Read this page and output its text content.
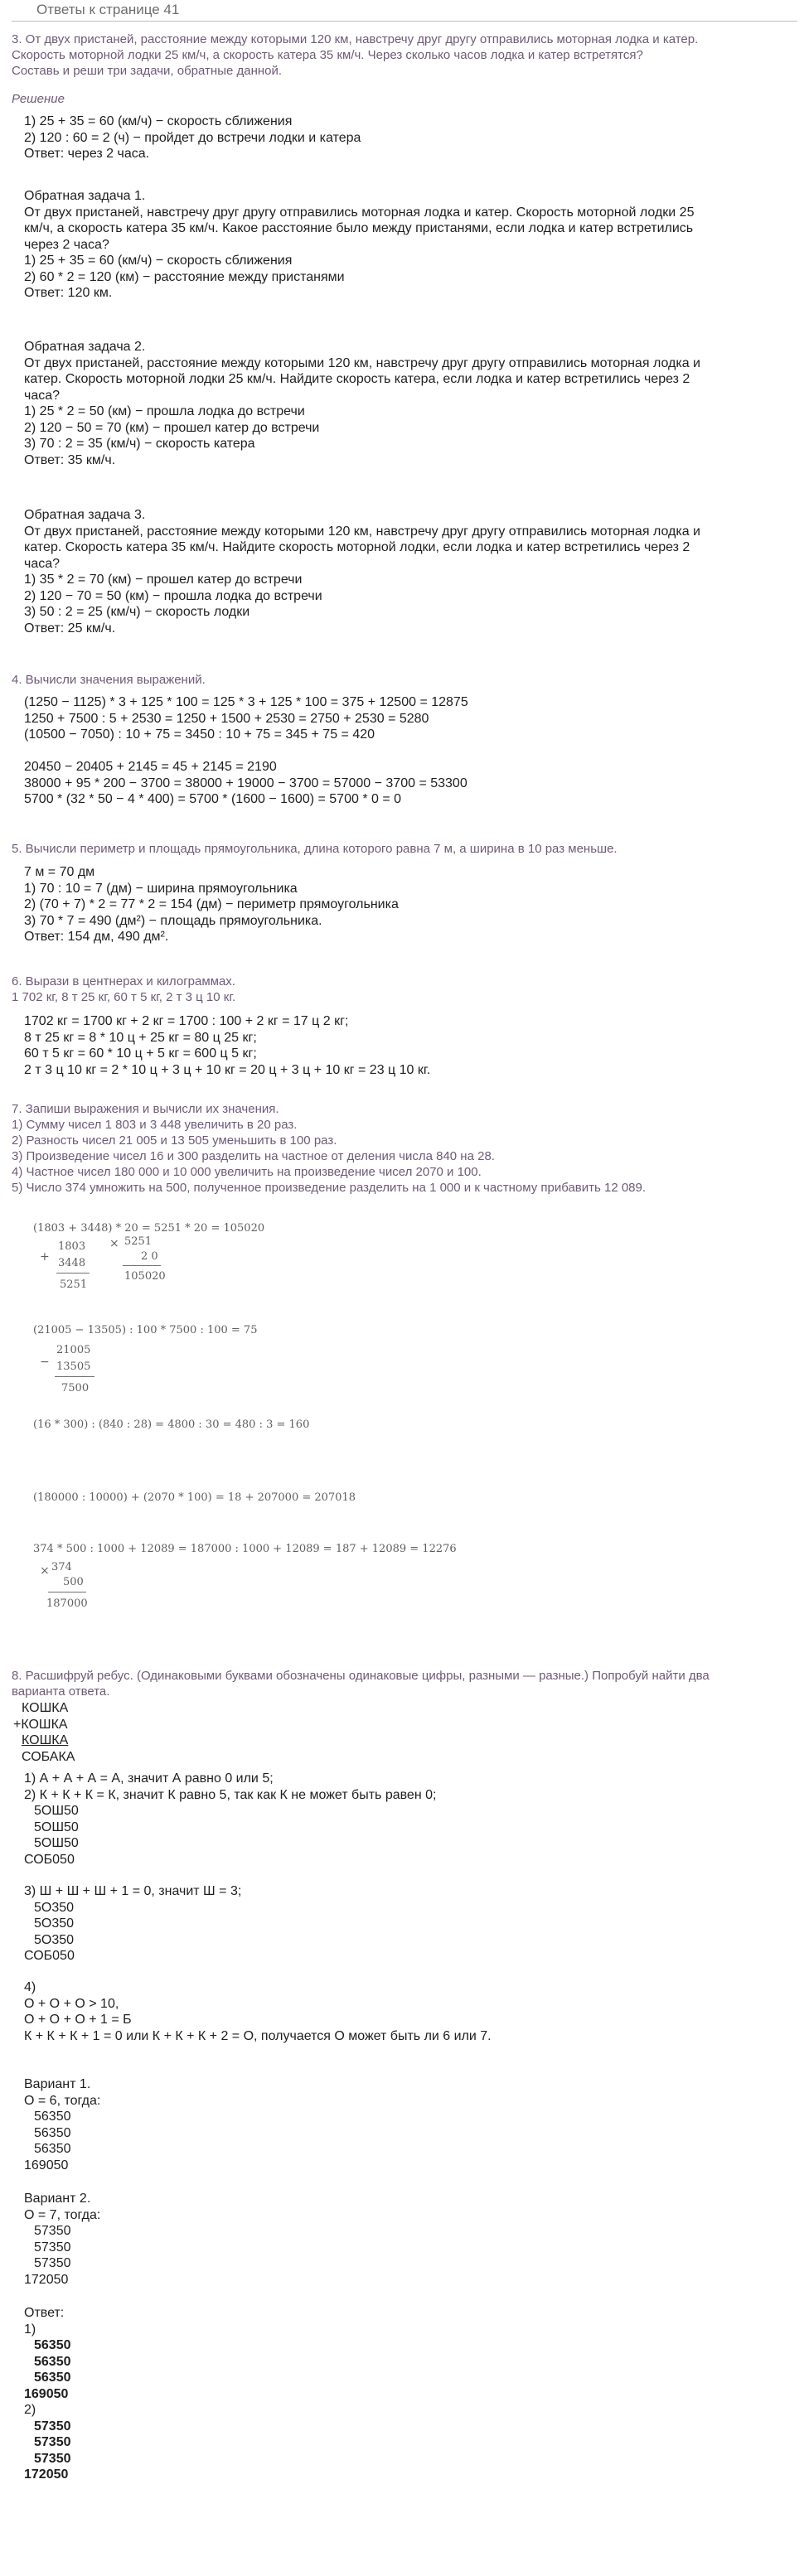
Ответы к странице 41
3. От двух пристаней, расстояние между которыми 120 км, навстречу друг другу отправились моторная лодка и катер.
Скорость моторной лодки 25 км/ч, а скорость катера 35 км/ч. Через сколько часов лодка и катер встретятся?
Составь и реши три задачи, обратные данной.
Решение
1) 25 + 35 = 60 (км/ч) − скорость сближения
2) 120 : 60 = 2 (ч) − пройдет до встречи лодки и катера
Ответ: через 2 часа.
Обратная задача 1.
От двух пристаней, навстречу друг другу отправились моторная лодка и катер. Скорость моторной лодки 25
км/ч, а скорость катера 35 км/ч. Какое расстояние было между пристанями, если лодка и катер встретились
через 2 часа?
1) 25 + 35 = 60 (км/ч) − скорость сближения
2) 60 * 2 = 120 (км) − расстояние между пристанями
Ответ: 120 км.
Обратная задача 2.
От двух пристаней, расстояние между которыми 120 км, навстречу друг другу отправились моторная лодка и
катер. Скорость моторной лодки 25 км/ч. Найдите скорость катера, если лодка и катер встретились через 2
часа?
1) 25 * 2 = 50 (км) − прошла лодка до встречи
2) 120 − 50 = 70 (км) − прошел катер до встречи
3) 70 : 2 = 35 (км/ч) − скорость катера
Ответ: 35 км/ч.
Обратная задача 3.
От двух пристаней, расстояние между которыми 120 км, навстречу друг другу отправились моторная лодка и
катер. Скорость катера 35 км/ч. Найдите скорость моторной лодки, если лодка и катер встретились через 2
часа?
1) 35 * 2 = 70 (км) − прошел катер до встречи
2) 120 − 70 = 50 (км) − прошла лодка до встречи
3) 50 : 2 = 25 (км/ч) − скорость лодки
Ответ: 25 км/ч.
4. Вычисли значения выражений.
(1250 − 1125) * 3 + 125 * 100 = 125 * 3 + 125 * 100 = 375 + 12500 = 12875
1250 + 7500 : 5 + 2530 = 1250 + 1500 + 2530 = 2750 + 2530 = 5280
(10500 − 7050) : 10 + 75 = 3450 : 10 + 75 = 345 + 75 = 420
20450 − 20405 + 2145 = 45 + 2145 = 2190
38000 + 95 * 200 − 3700 = 38000 + 19000 − 3700 = 57000 − 3700 = 53300
5700 * (32 * 50 − 4 * 400) = 5700 * (1600 − 1600) = 5700 * 0 = 0
5. Вычисли периметр и площадь прямоугольника, длина которого равна 7 м, а ширина в 10 раз меньше.
7 м = 70 дм
1) 70 : 10 = 7 (дм) − ширина прямоугольника
2) (70 + 7) * 2 = 77 * 2 = 154 (дм) − периметр прямоугольника
3) 70 * 7 = 490 (дм²) − площадь прямоугольника.
Ответ: 154 дм, 490 дм².
6. Вырази в центнерах и килограммах.
1 702 кг, 8 т 25 кг, 60 т 5 кг, 2 т 3 ц 10 кг.
1702 кг = 1700 кг + 2 кг = 1700 : 100 + 2 кг = 17 ц 2 кг;
8 т 25 кг = 8 * 10 ц + 25 кг = 80 ц 25 кг;
60 т 5 кг = 60 * 10 ц + 5 кг = 600 ц 5 кг;
2 т 3 ц 10 кг = 2 * 10 ц + 3 ц + 10 кг = 20 ц + 3 ц + 10 кг = 23 ц 10 кг.
7. Запиши выражения и вычисли их значения.
1) Сумму чисел 1 803 и 3 448 увеличить в 20 раз.
2) Разность чисел 21 005 и 13 505 уменьшить в 100 раз.
3) Произведение чисел 16 и 300 разделить на частное от деления числа 840 на 28.
4) Частное чисел 180 000 и 10 000 увеличить на произведение чисел 2070 и 100.
5) Число 374 умножить на 500, полученное произведение разделить на 1 000 и к частному прибавить 12 089.
(1803 + 3448) * 20 = 5251 * 20 = 105020
+
1803
3448
5251
× 5251
2 0
105020
(21005 − 13505) : 100 * 7500 : 100 = 75
−
21005
13505
7500
(16 * 300) : (840 : 28) = 4800 : 30 = 480 : 3 = 160
(180000 : 10000) + (2070 * 100) = 18 + 207000 = 207018
374 * 500 : 1000 + 12089 = 187000 : 1000 + 12089 = 187 + 12089 = 12276
× 374
500
187000
8. Расшифруй ребус. (Одинаковыми буквами обозначены одинаковые цифры, разными — разные.) Попробуй найти два
варианта ответа.
КОШКА
+КОШКА
КОШКА
СОБАКА
1) А + А + А = А, значит А равно 0 или 5;
2) К + К + К = К, значит К равно 5, так как К не может быть равен 0;
5ОШ50
5ОШ50
5ОШ50
СОБ050
3) Ш + Ш + Ш + 1 = 0, значит Ш = 3;
5О350
5О350
5О350
СОБ050
4)
О + О + О > 10,
О + О + О + 1 = Б
К + К + К + 1 = 0 или К + К + К + 2 = О, получается О может быть ли 6 или 7.
Вариант 1.
О = 6, тогда:
56350
56350
56350
169050
Вариант 2.
О = 7, тогда:
57350
57350
57350
172050
Ответ:
1)
56350
56350
56350
169050
2)
57350
57350
57350
172050
